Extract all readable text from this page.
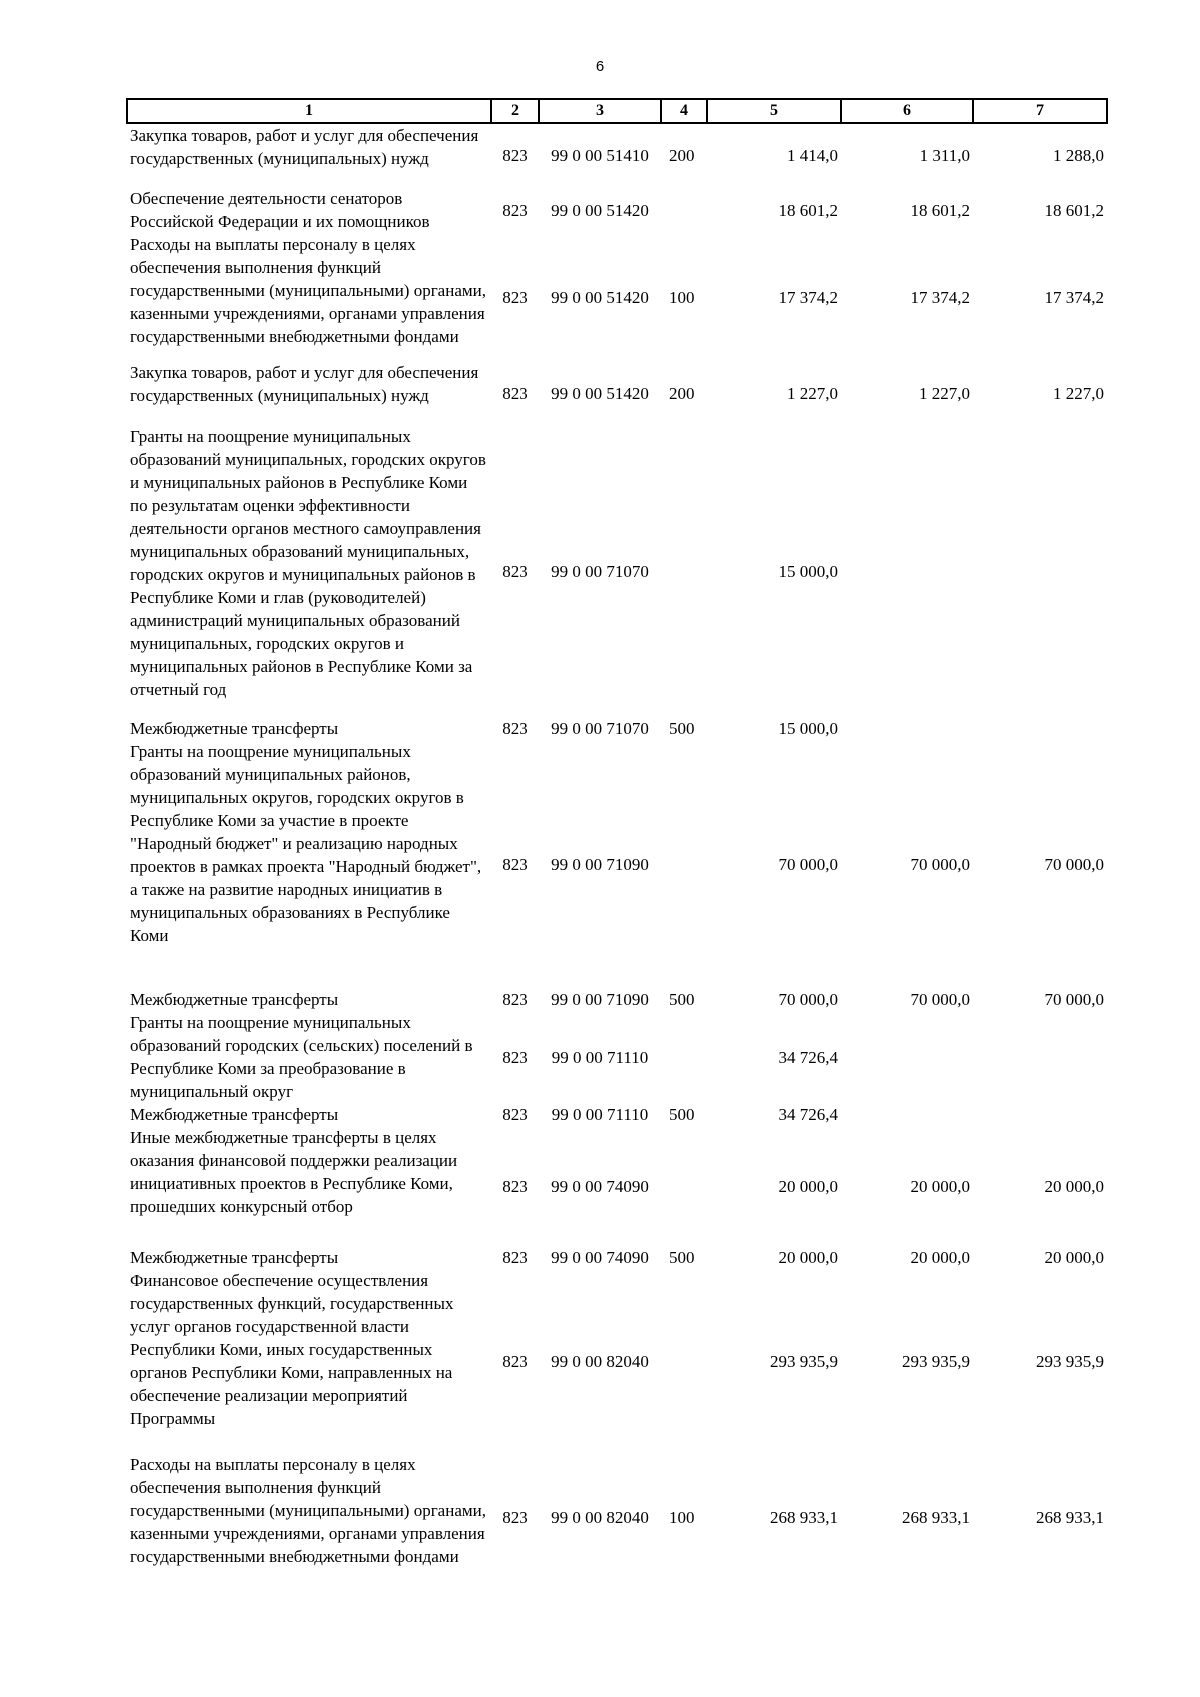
6
1	2	3	4	5	6	7
Закупка товаров, работ и услуг для обеспечения государственных (муниципальных) нужд	823	99 0 00 51410	200	1 414,0	1 311,0	1 288,0
Обеспечение деятельности сенаторов Российской Федерации и их помощников	823	99 0 00 51420		18 601,2	18 601,2	18 601,2
Расходы на выплаты персоналу в целях обеспечения выполнения функций государственными (муниципальными) органами, казенными учреждениями, органами управления государственными внебюджетными фондами	823	99 0 00 51420	100	17 374,2	17 374,2	17 374,2
Закупка товаров, работ и услуг для обеспечения государственных (муниципальных) нужд	823	99 0 00 51420	200	1 227,0	1 227,0	1 227,0
Гранты на поощрение муниципальных образований муниципальных, городских округов и муниципальных районов в Республике Коми по результатам оценки эффективности деятельности органов местного самоуправления муниципальных образований муниципальных, городских округов и муниципальных районов в Республике Коми и глав (руководителей) администраций муниципальных образований муниципальных, городских округов и муниципальных районов в Республике Коми за отчетный год	823	99 0 00 71070		15 000,0		
Межбюджетные трансферты	823	99 0 00 71070	500	15 000,0		
Гранты на поощрение муниципальных образований муниципальных районов, муниципальных округов, городских округов в Республике Коми за участие в проекте "Народный бюджет" и реализацию народных проектов в рамках проекта "Народный бюджет", а также на развитие народных инициатив в муниципальных образованиях в Республике Коми	823	99 0 00 71090		70 000,0	70 000,0	70 000,0
Межбюджетные трансферты	823	99 0 00 71090	500	70 000,0	70 000,0	70 000,0
Гранты на поощрение муниципальных образований городских (сельских) поселений в Республике Коми за преобразование в муниципальный округ	823	99 0 00 71110		34 726,4		
Межбюджетные трансферты	823	99 0 00 71110	500	34 726,4		
Иные межбюджетные трансферты в целях оказания финансовой поддержки реализации инициативных проектов в Республике Коми, прошедших конкурсный отбор	823	99 0 00 74090		20 000,0	20 000,0	20 000,0
Межбюджетные трансферты	823	99 0 00 74090	500	20 000,0	20 000,0	20 000,0
Финансовое обеспечение осуществления государственных функций, государственных услуг органов государственной власти Республики Коми, иных государственных органов Республики Коми, направленных на обеспечение реализации мероприятий Программы	823	99 0 00 82040		293 935,9	293 935,9	293 935,9
Расходы на выплаты персоналу в целях обеспечения выполнения функций государственными (муниципальными) органами, казенными учреждениями, органами управления государственными внебюджетными фондами	823	99 0 00 82040	100	268 933,1	268 933,1	268 933,1
